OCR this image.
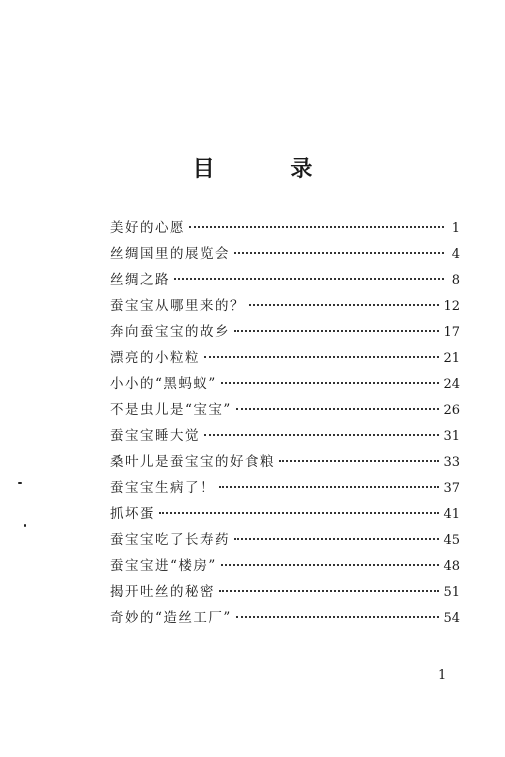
目 录
美好的心愿	1
丝绸国里的展览会	4
丝绸之路	8
蚕宝宝从哪里来的？	12
奔向蚕宝宝的故乡	17
漂亮的小粒粒	21
小小的“黑蚂蚁”	24
不是虫儿是“宝宝”	26
蚕宝宝睡大觉	31
桑叶儿是蚕宝宝的好食粮	33
蚕宝宝生病了！	37
抓坏蛋	41
蚕宝宝吃了长寿药	45
蚕宝宝进“楼房”	48
揭开吐丝的秘密	51
奇妙的“造丝工厂”	54
1
